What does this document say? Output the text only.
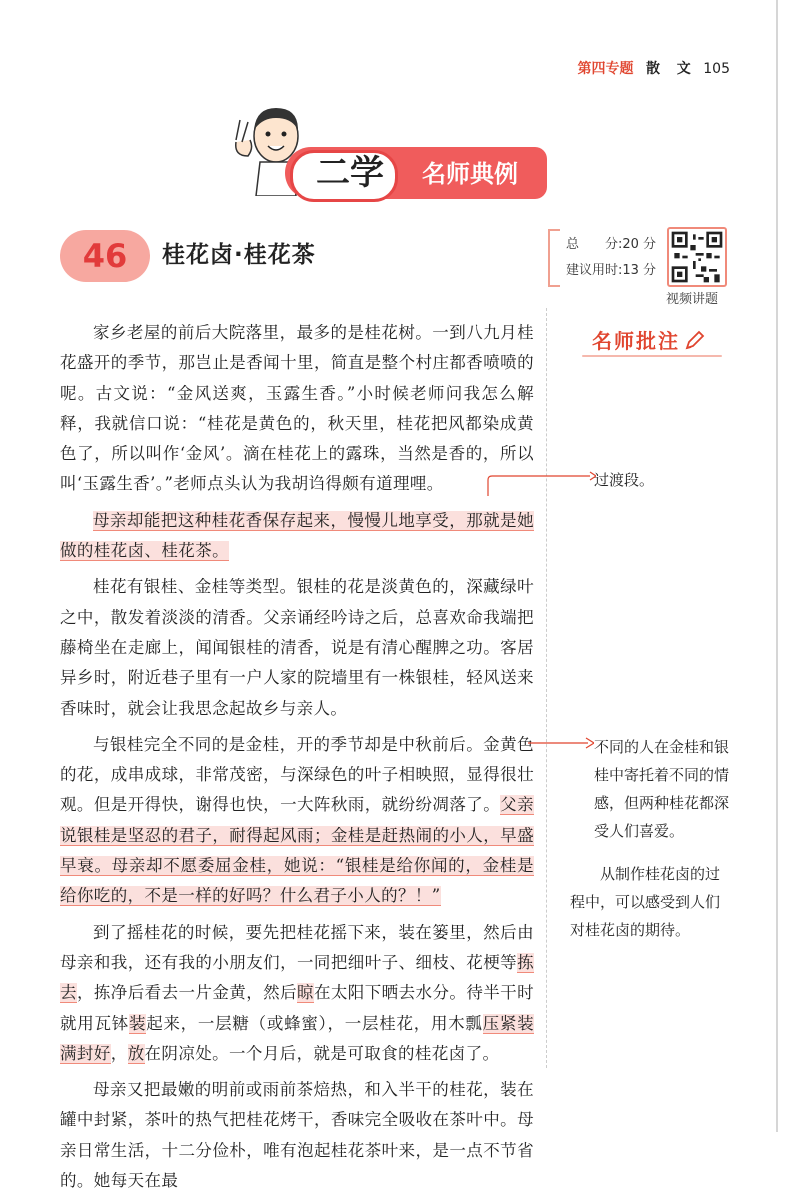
第四专题 散 文 105
二学	名师典例
46	桂花卤·桂花茶	总　　分:20 分
建议用时:13 分
视频讲题
名师批注

家乡老屋的前后大院落里，最多的是桂花树。一到八九月桂花盛开的季节，那岂止是香闻十里，简直是整个村庄都香喷喷的呢。古文说：“金风送爽，玉露生香。”小时候老师问我怎么解释，我就信口说：“桂花是黄色的，秋天里，桂花把风都染成黄色了，所以叫作‘金风’。滴在桂花上的露珠，当然是香的，所以叫‘玉露生香’。”老师点头认为我胡诌得颇有道理哩。

母亲却能把这种桂花香保存起来，慢慢儿地享受，那就是她做的桂花卤、桂花茶。

桂花有银桂、金桂等类型。银桂的花是淡黄色的，深藏绿叶之中，散发着淡淡的清香。父亲诵经吟诗之后，总喜欢命我端把藤椅坐在走廊上，闻闻银桂的清香，说是有清心醒脾之功。客居异乡时，附近巷子里有一户人家的院墙里有一株银桂，轻风送来香味时，就会让我思念起故乡与亲人。

与银桂完全不同的是金桂，开的季节却是中秋前后。金黄色的花，成串成球，非常茂密，与深绿色的叶子相映照，显得很壮观。但是开得快，谢得也快，一大阵秋雨，就纷纷凋落了。父亲说银桂是坚忍的君子，耐得起风雨；金桂是赶热闹的小人，早盛早衰。母亲却不愿委屈金桂，她说：“银桂是给你闻的，金桂是给你吃的，不是一样的好吗？什么君子小人的？！”

到了摇桂花的时候，要先把桂花摇下来，装在篓里，然后由母亲和我，还有我的小朋友们，一同把细叶子、细枝、花梗等拣去，拣净后看去一片金黄，然后晾在太阳下晒去水分。待半干时就用瓦钵装起来，一层糖（或蜂蜜），一层桂花，用木瓢压紧装满封好，放在阴凉处。一个月后，就是可取食的桂花卤了。

母亲又把最嫩的明前或雨前茶焙热，和入半干的桂花，装在罐中封紧，茶叶的热气把桂花烤干，香味完全吸收在茶叶中。母亲日常生活，十二分俭朴，唯有泡起桂花茶叶来，是一点不节省的。她每天在最

过渡段。
不同的人在金桂和银桂中寄托着不同的情感，但两种桂花都深受人们喜爱。
从制作桂花卤的过程中，可以感受到人们对桂花卤的期待。
